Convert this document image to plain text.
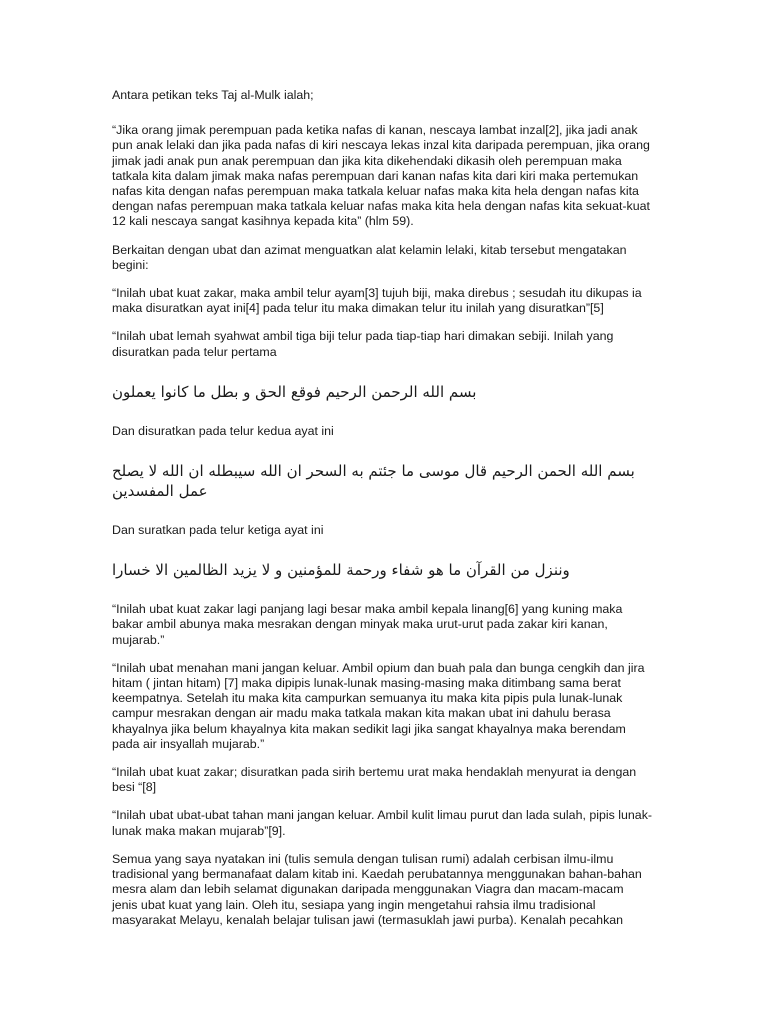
Antara petikan teks Taj al-Mulk ialah;

“Jika orang jimak perempuan pada ketika nafas di kanan, nescaya lambat inzal[2], jika jadi anak pun anak lelaki dan jika pada nafas di kiri nescaya lekas inzal kita daripada perempuan, jika orang jimak jadi anak pun anak perempuan dan jika kita dikehendaki dikasih oleh perempuan maka tatkala kita dalam jimak maka nafas perempuan dari kanan nafas kita dari kiri maka pertemukan nafas kita dengan nafas perempuan maka tatkala keluar nafas maka kita hela dengan nafas kita dengan nafas perempuan maka tatkala keluar nafas maka kita hela dengan nafas kita sekuat-kuat 12 kali nescaya sangat kasihnya kepada kita” (hlm 59).

Berkaitan dengan ubat dan azimat menguatkan alat kelamin lelaki, kitab tersebut mengatakan begini:

“Inilah ubat kuat zakar, maka ambil telur ayam[3] tujuh biji, maka direbus ; sesudah itu dikupas ia maka disuratkan ayat ini[4] pada telur itu maka dimakan telur itu inilah yang disuratkan”[5]

“Inilah ubat lemah syahwat ambil tiga biji telur pada tiap-tiap hari dimakan sebiji. Inilah yang disuratkan pada telur pertama

بسم الله الرحمن الرحيم فوقع الحق و بطل ما كانوا يعملون

Dan disuratkan pada telur kedua ayat ini

بسم الله الحمن الرحيم قال موسى ما جئتم به السحر ان الله سيبطله ان الله لا يصلح عمل المفسدين

Dan suratkan pada telur ketiga ayat ini

وننزل من القرآن ما هو شفاء ورحمة للمؤمنين و لا يزيد الظالمين الا خسارا

“Inilah ubat kuat zakar lagi panjang lagi besar maka ambil kepala linang[6] yang kuning maka bakar ambil abunya maka mesrakan dengan minyak maka urut-urut pada zakar kiri kanan, mujarab.”

“Inilah ubat menahan mani jangan keluar. Ambil opium dan buah pala dan bunga cengkih dan jira hitam ( jintan hitam) [7] maka dipipis lunak-lunak masing-masing maka ditimbang sama berat keempatnya. Setelah itu maka kita campurkan semuanya itu maka kita pipis pula lunak-lunak campur mesrakan dengan air madu maka tatkala makan kita makan ubat ini dahulu berasa khayalnya jika belum khayalnya kita makan sedikit lagi jika sangat khayalnya maka berendam pada air insyallah mujarab.”

“Inilah ubat kuat zakar; disuratkan pada sirih bertemu urat maka hendaklah menyurat ia dengan besi “[8]

“Inilah ubat ubat-ubat tahan mani jangan keluar. Ambil kulit limau purut dan lada sulah, pipis lunak-lunak maka makan mujarab”[9].

Semua yang saya nyatakan ini (tulis semula dengan tulisan rumi) adalah cerbisan ilmu-ilmu tradisional yang bermanafaat dalam kitab ini. Kaedah perubatannya menggunakan bahan-bahan mesra alam dan lebih selamat digunakan daripada menggunakan Viagra dan macam-macam jenis ubat kuat yang lain. Oleh itu, sesiapa yang ingin mengetahui rahsia ilmu tradisional masyarakat Melayu, kenalah belajar tulisan jawi (termasuklah jawi purba). Kenalah pecahkan
